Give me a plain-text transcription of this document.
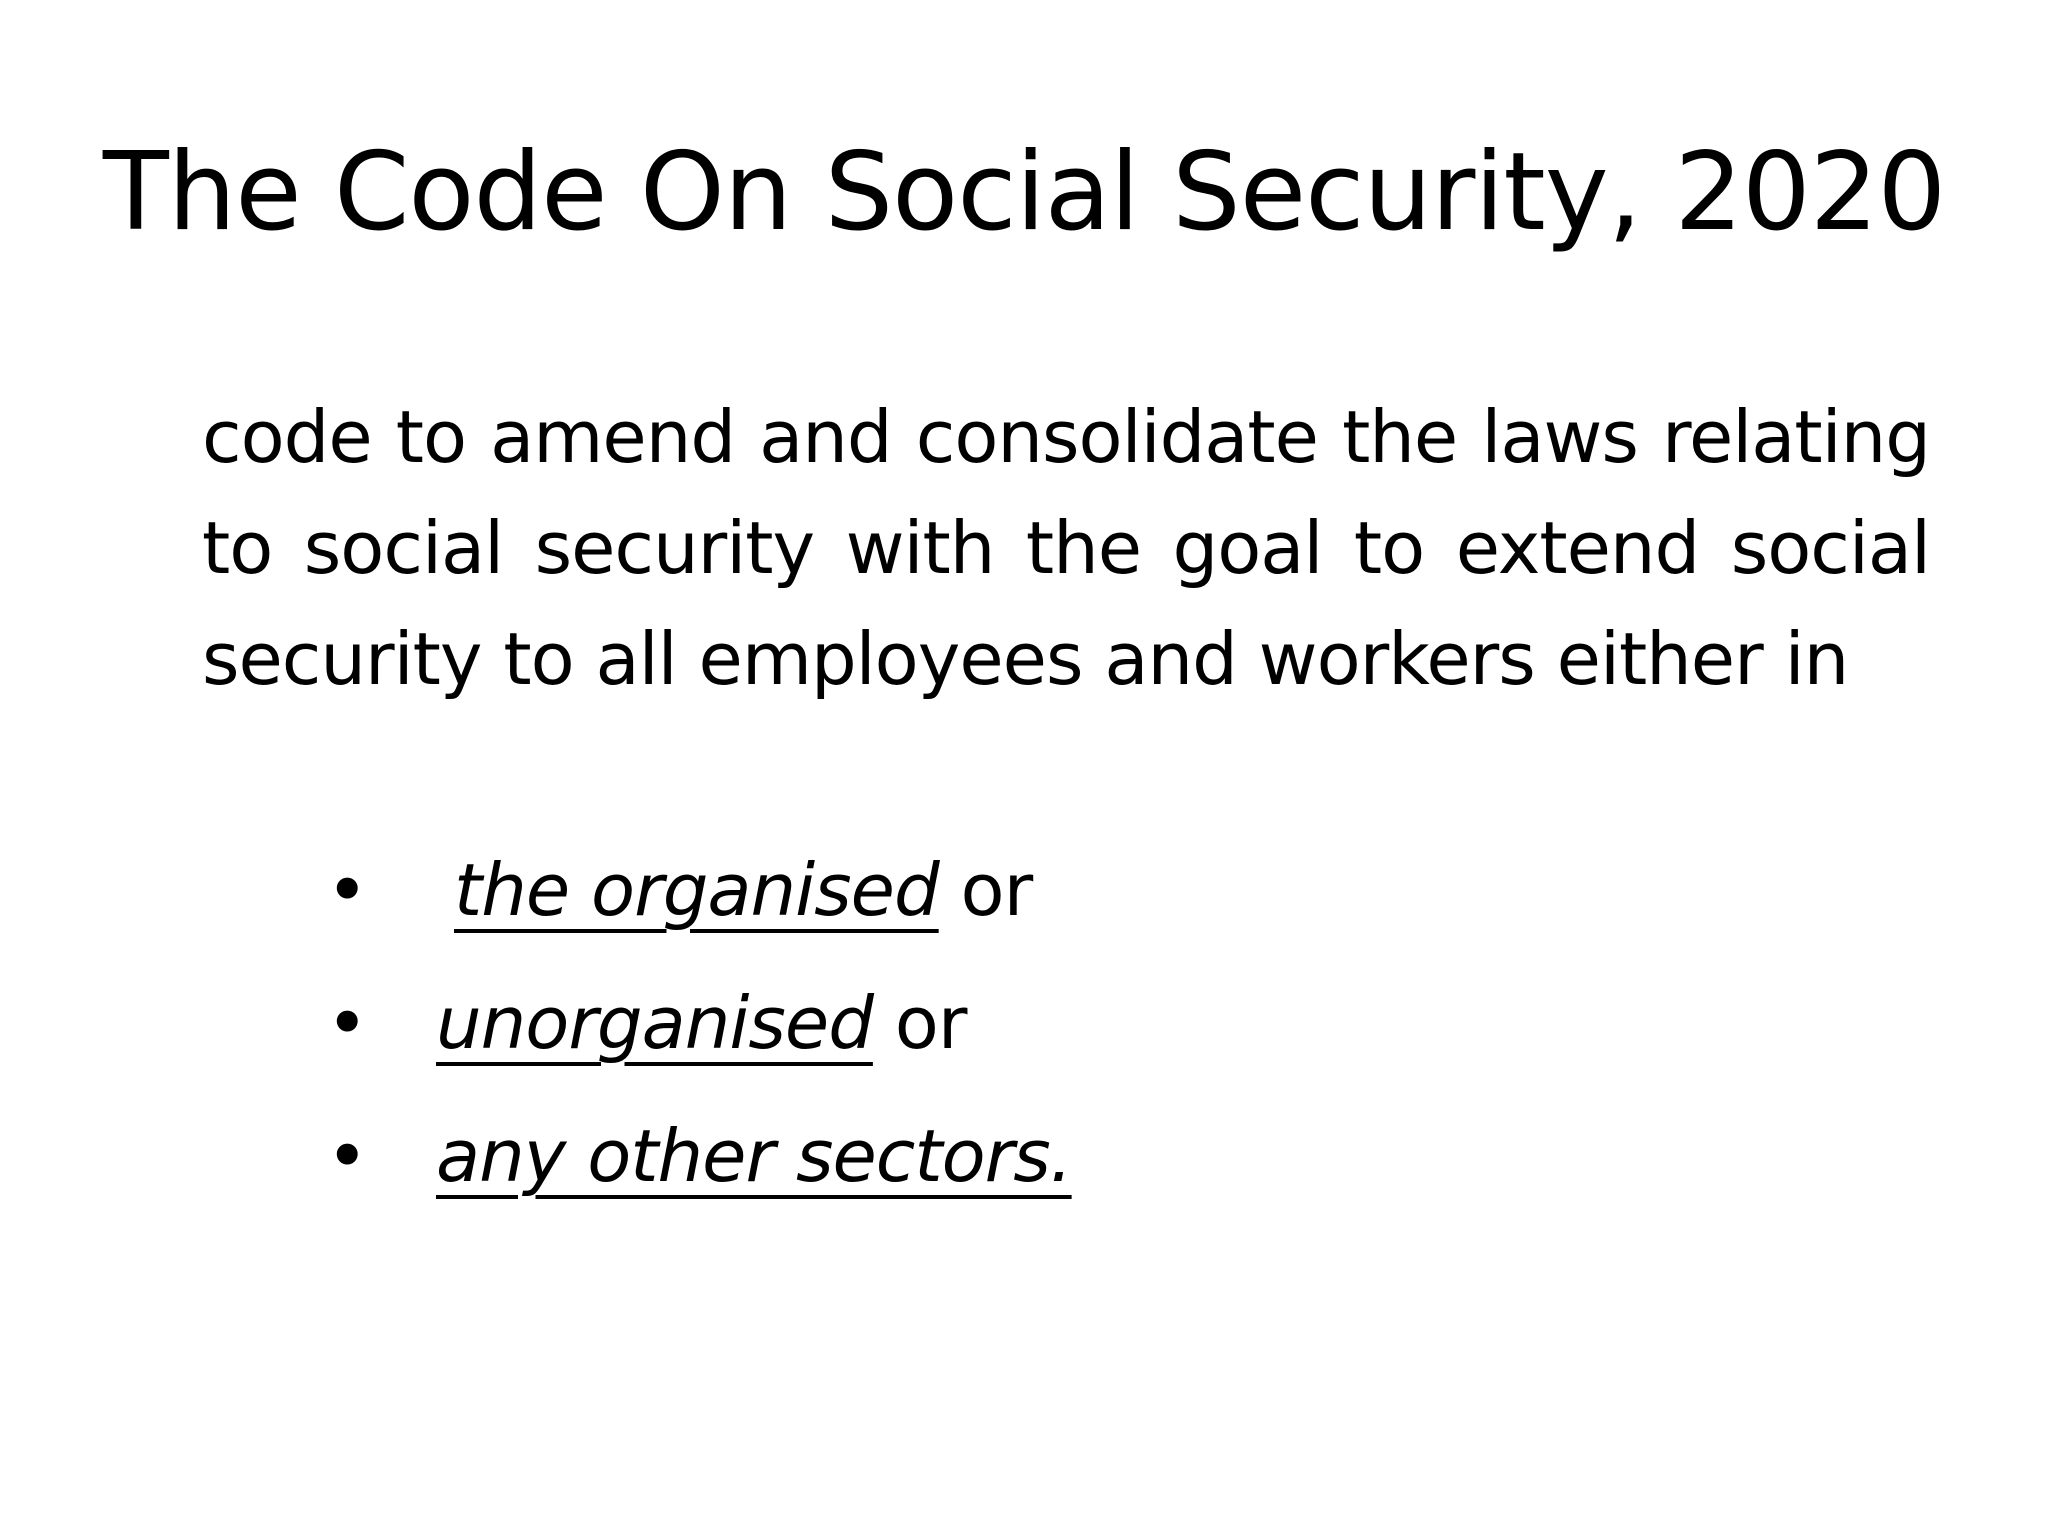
The Code On Social Security, 2020

code to amend and consolidate the laws relating to social security with the goal to extend social security to all employees and workers either in

• the organised or
• unorganised or
• any other sectors.
